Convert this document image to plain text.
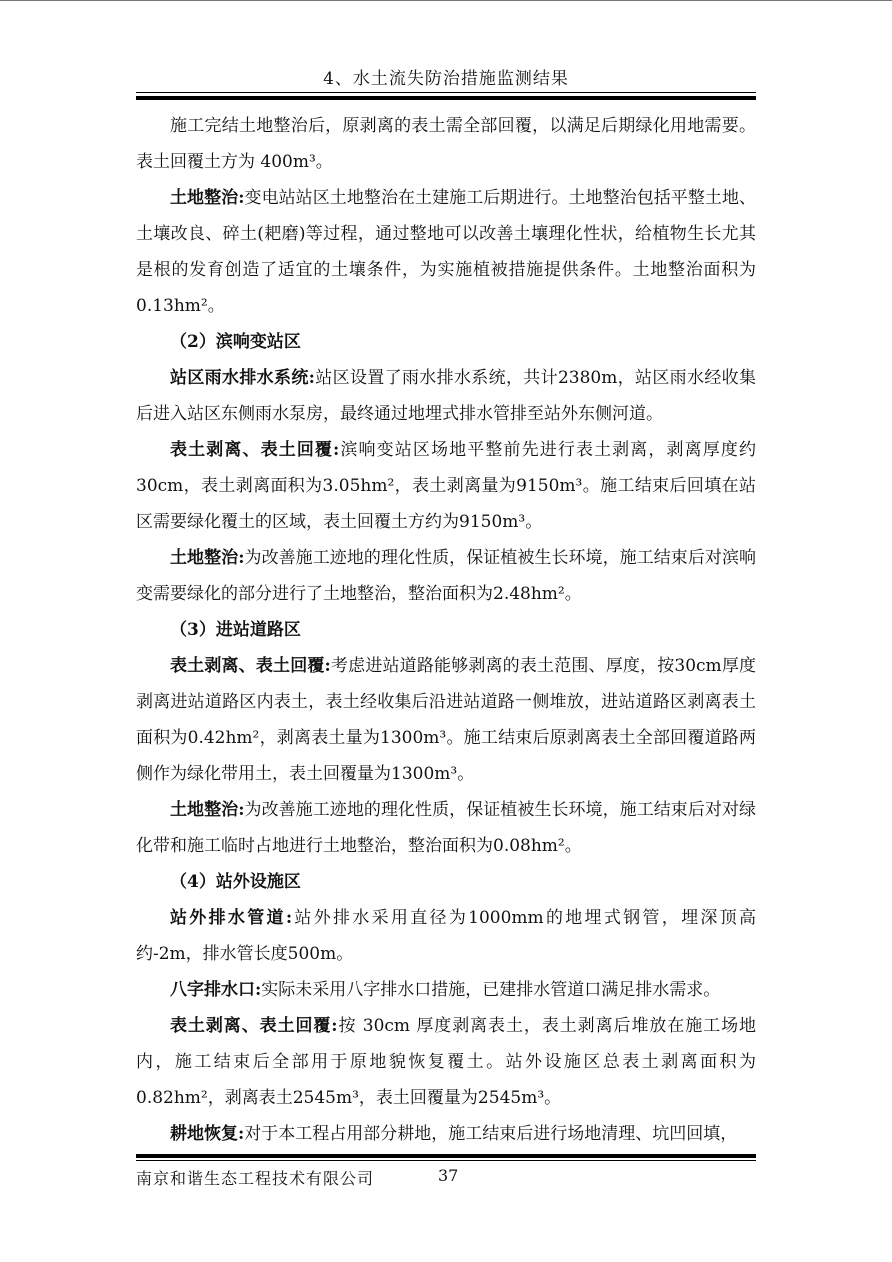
4、水土流失防治措施监测结果

施工完结土地整治后，原剥离的表土需全部回覆，以满足后期绿化用地需要。表土回覆土方为 400m³。

土地整治:变电站站区土地整治在土建施工后期进行。土地整治包括平整土地、土壤改良、碎土(耙磨)等过程，通过整地可以改善土壤理化性状，给植物生长尤其是根的发育创造了适宜的土壤条件，为实施植被措施提供条件。土地整治面积为0.13hm²。

（2）滨响变站区

站区雨水排水系统:站区设置了雨水排水系统，共计2380m，站区雨水经收集后进入站区东侧雨水泵房，最终通过地埋式排水管排至站外东侧河道。

表土剥离、表土回覆:滨响变站区场地平整前先进行表土剥离，剥离厚度约30cm，表土剥离面积为3.05hm²，表土剥离量为9150m³。施工结束后回填在站区需要绿化覆土的区域，表土回覆土方约为9150m³。

土地整治:为改善施工迹地的理化性质，保证植被生长环境，施工结束后对滨响变需要绿化的部分进行了土地整治，整治面积为2.48hm²。

（3）进站道路区

表土剥离、表土回覆:考虑进站道路能够剥离的表土范围、厚度，按30cm厚度剥离进站道路区内表土，表土经收集后沿进站道路一侧堆放，进站道路区剥离表土面积为0.42hm²，剥离表土量为1300m³。施工结束后原剥离表土全部回覆道路两侧作为绿化带用土，表土回覆量为1300m³。

土地整治:为改善施工迹地的理化性质，保证植被生长环境，施工结束后对对绿化带和施工临时占地进行土地整治，整治面积为0.08hm²。

（4）站外设施区

站外排水管道:站外排水采用直径为1000mm的地埋式钢管，埋深顶高约-2m，排水管长度500m。

八字排水口:实际未采用八字排水口措施，已建排水管道口满足排水需求。

表土剥离、表土回覆:按 30cm 厚度剥离表土，表土剥离后堆放在施工场地内，施工结束后全部用于原地貌恢复覆土。站外设施区总表土剥离面积为0.82hm²，剥离表土2545m³，表土回覆量为2545m³。

耕地恢复:对于本工程占用部分耕地，施工结束后进行场地清理、坑凹回填，

南京和谐生态工程技术有限公司	37
